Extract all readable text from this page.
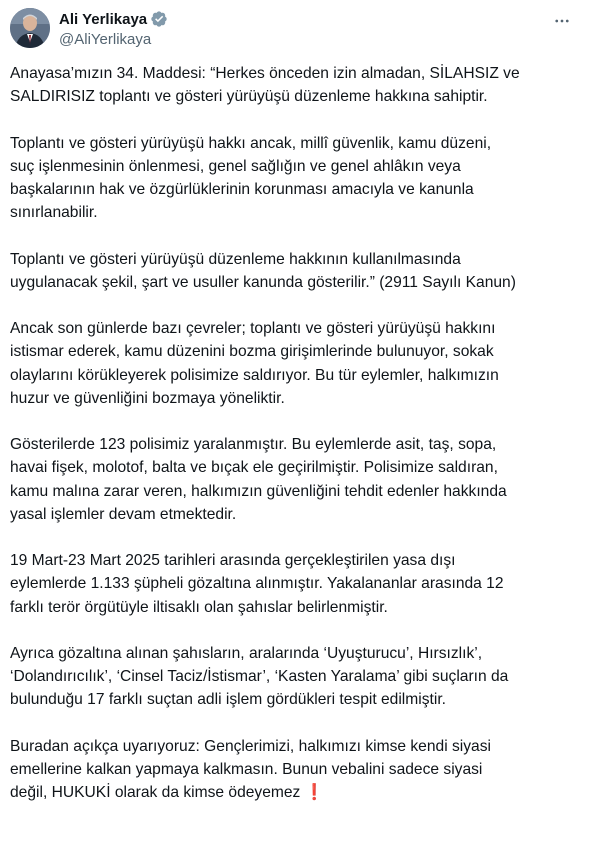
Ali Yerlikaya
@AliYerlikaya

Anayasa’mızın 34. Maddesi: “Herkes önceden izin almadan, SİLAHSIZ ve
SALDIRISIZ toplantı ve gösteri yürüyüşü düzenleme hakkına sahiptir.

Toplantı ve gösteri yürüyüşü hakkı ancak, millî güvenlik, kamu düzeni,
suç işlenmesinin önlenmesi, genel sağlığın ve genel ahlâkın veya
başkalarının hak ve özgürlüklerinin korunması amacıyla ve kanunla
sınırlanabilir.

Toplantı ve gösteri yürüyüşü düzenleme hakkının kullanılmasında
uygulanacak şekil, şart ve usuller kanunda gösterilir.” (2911 Sayılı Kanun)

Ancak son günlerde bazı çevreler; toplantı ve gösteri yürüyüşü hakkını
istismar ederek, kamu düzenini bozma girişimlerinde bulunuyor, sokak
olaylarını körükleyerek polisimize saldırıyor. Bu tür eylemler, halkımızın
huzur ve güvenliğini bozmaya yöneliktir.

Gösterilerde 123 polisimiz yaralanmıştır. Bu eylemlerde asit, taş, sopa,
havai fişek, molotof, balta ve bıçak ele geçirilmiştir. Polisimize saldıran,
kamu malına zarar veren, halkımızın güvenliğini tehdit edenler hakkında
yasal işlemler devam etmektedir.

19 Mart-23 Mart 2025 tarihleri arasında gerçekleştirilen yasa dışı
eylemlerde 1.133 şüpheli gözaltına alınmıştır. Yakalananlar arasında 12
farklı terör örgütüyle iltisaklı olan şahıslar belirlenmiştir.

Ayrıca gözaltına alınan şahısların, aralarında ‘Uyuşturucu’, Hırsızlık’,
‘Dolandırıcılık’, ‘Cinsel Taciz/İstismar’, ‘Kasten Yaralama’ gibi suçların da
bulunduğu 17 farklı suçtan adli işlem gördükleri tespit edilmiştir.

Buradan açıkça uyarıyoruz: Gençlerimizi, halkımızı kimse kendi siyasi
emellerine kalkan yapmaya kalkmasın. Bunun vebalini sadece siyasi
değil, HUKUKİ olarak da kimse ödeyemez ❗
